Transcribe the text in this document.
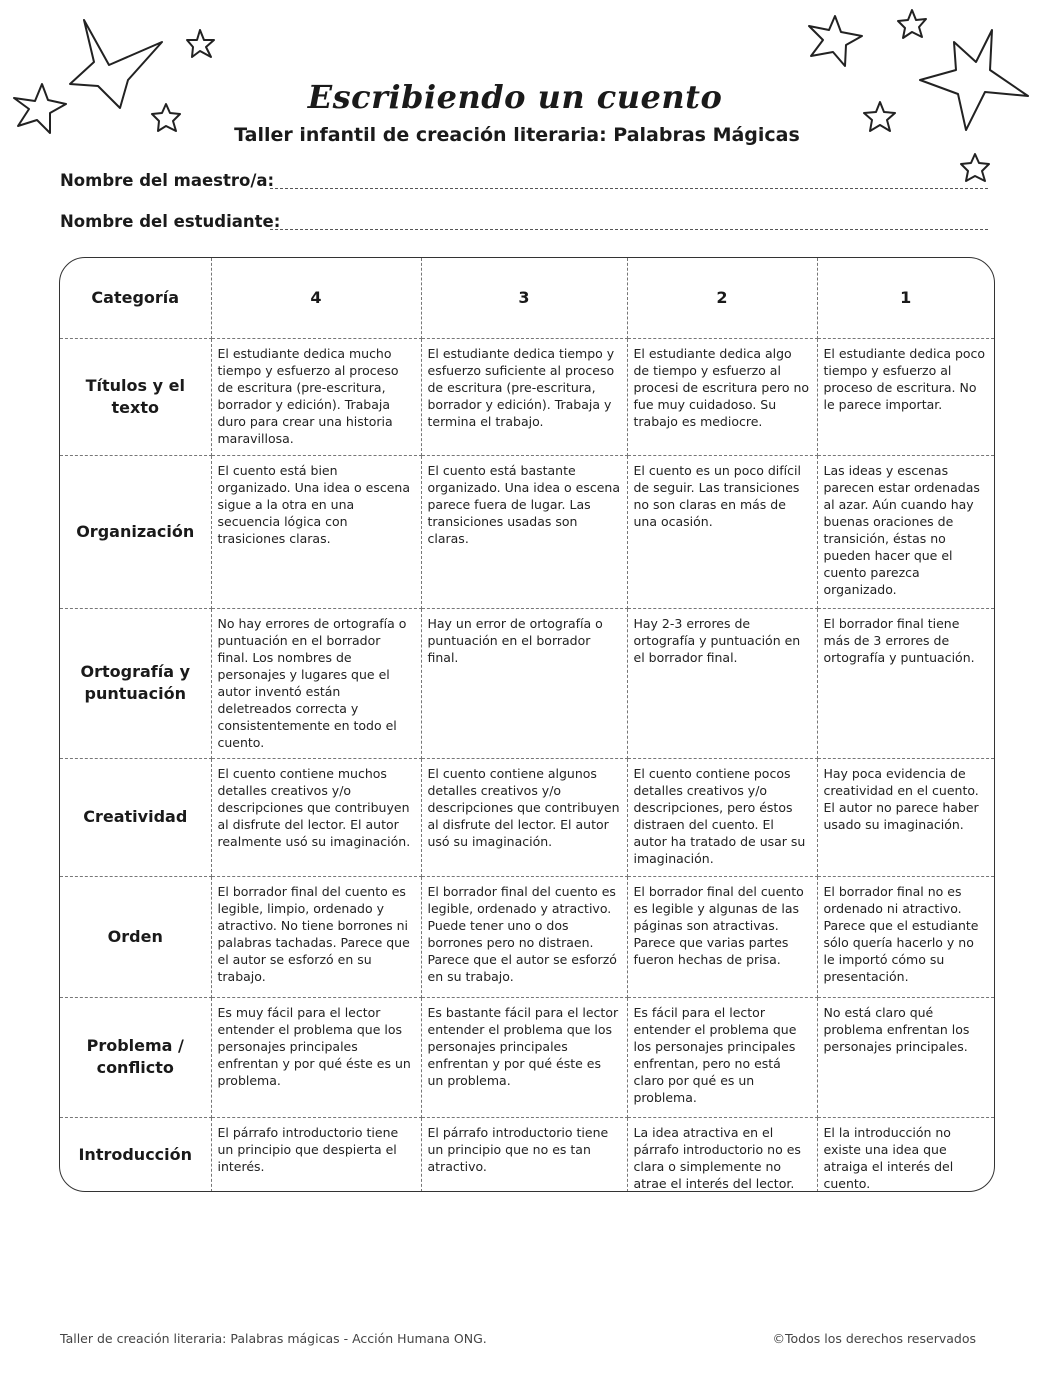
Escribiendo un cuento
Taller infantil de creación literaria: Palabras Mágicas
Nombre del maestro/a:
Nombre del estudiante:
Categoría	4	3	2	1
Títulos y el texto	El estudiante dedica mucho tiempo y esfuerzo al proceso de escritura (pre-escritura, borrador y edición). Trabaja duro para crear una historia maravillosa.	El estudiante dedica tiempo y esfuerzo suficiente al proceso de escritura (pre-escritura, borrador y edición). Trabaja y termina el trabajo.	El estudiante dedica algo de tiempo y esfuerzo al procesi de escritura pero no fue muy cuidadoso. Su trabajo es mediocre.	El estudiante dedica poco tiempo y esfuerzo al proceso de escritura. No le parece importar.
Organización	El cuento está bien organizado. Una idea o escena sigue a la otra en una secuencia lógica con trasiciones claras.	El cuento está bastante organizado. Una idea o escena parece fuera de lugar. Las transiciones usadas son claras.	El cuento es un poco difícil de seguir. Las transiciones no son claras en más de una ocasión.	Las ideas y escenas parecen estar ordenadas al azar. Aún cuando hay buenas oraciones de transición, éstas no pueden hacer que el cuento parezca organizado.
Ortografía y puntuación	No hay errores de ortografía o puntuación en el borrador final. Los nombres de personajes y lugares que el autor inventó están deletreados correcta y consistentemente en todo el cuento.	Hay un error de ortografía o puntuación en el borrador final.	Hay 2-3 errores de ortografía y puntuación en el borrador final.	El borrador final tiene más de 3 errores de ortografía y puntuación.
Creatividad	El cuento contiene muchos detalles creativos y/o descripciones que contribuyen al disfrute del lector. El autor realmente usó su imaginación.	El cuento contiene algunos detalles creativos y/o descripciones que contribuyen al disfrute del lector. El autor usó su imaginación.	El cuento contiene pocos detalles creativos y/o descripciones, pero éstos distraen del cuento. El autor ha tratado de usar su imaginación.	Hay poca evidencia de creatividad en el cuento. El autor no parece haber usado su imaginación.
Orden	El borrador final del cuento es legible, limpio, ordenado y atractivo. No tiene borrones ni palabras tachadas. Parece que el autor se esforzó en su trabajo.	El borrador final del cuento es legible, ordenado y atractivo. Puede tener uno o dos borrones pero no distraen. Parece que el autor se esforzó en su trabajo.	El borrador final del cuento es legible y algunas de las páginas son atractivas. Parece que varias partes fueron hechas de prisa.	El borrador final no es ordenado ni atractivo. Parece que el estudiante sólo quería hacerlo y no le importó cómo su presentación.
Problema / conflicto	Es muy fácil para el lector entender el problema que los personajes principales enfrentan y por qué éste es un problema.	Es bastante fácil para el lector entender el problema que los personajes principales enfrentan y por qué éste es un problema.	Es fácil para el lector entender el problema que los personajes principales enfrentan, pero no está claro por qué es un problema.	No está claro qué problema enfrentan los personajes principales.
Introducción	El párrafo introductorio tiene un principio que despierta el interés.	El párrafo introductorio tiene un principio que no es tan atractivo.	La idea atractiva en el párrafo introductorio no es clara o simplemente no atrae el interés del lector.	El la introducción no existe una idea que atraiga el interés del cuento.
Taller de creación literaria: Palabras mágicas - Acción Humana ONG.	©Todos los derechos reservados
